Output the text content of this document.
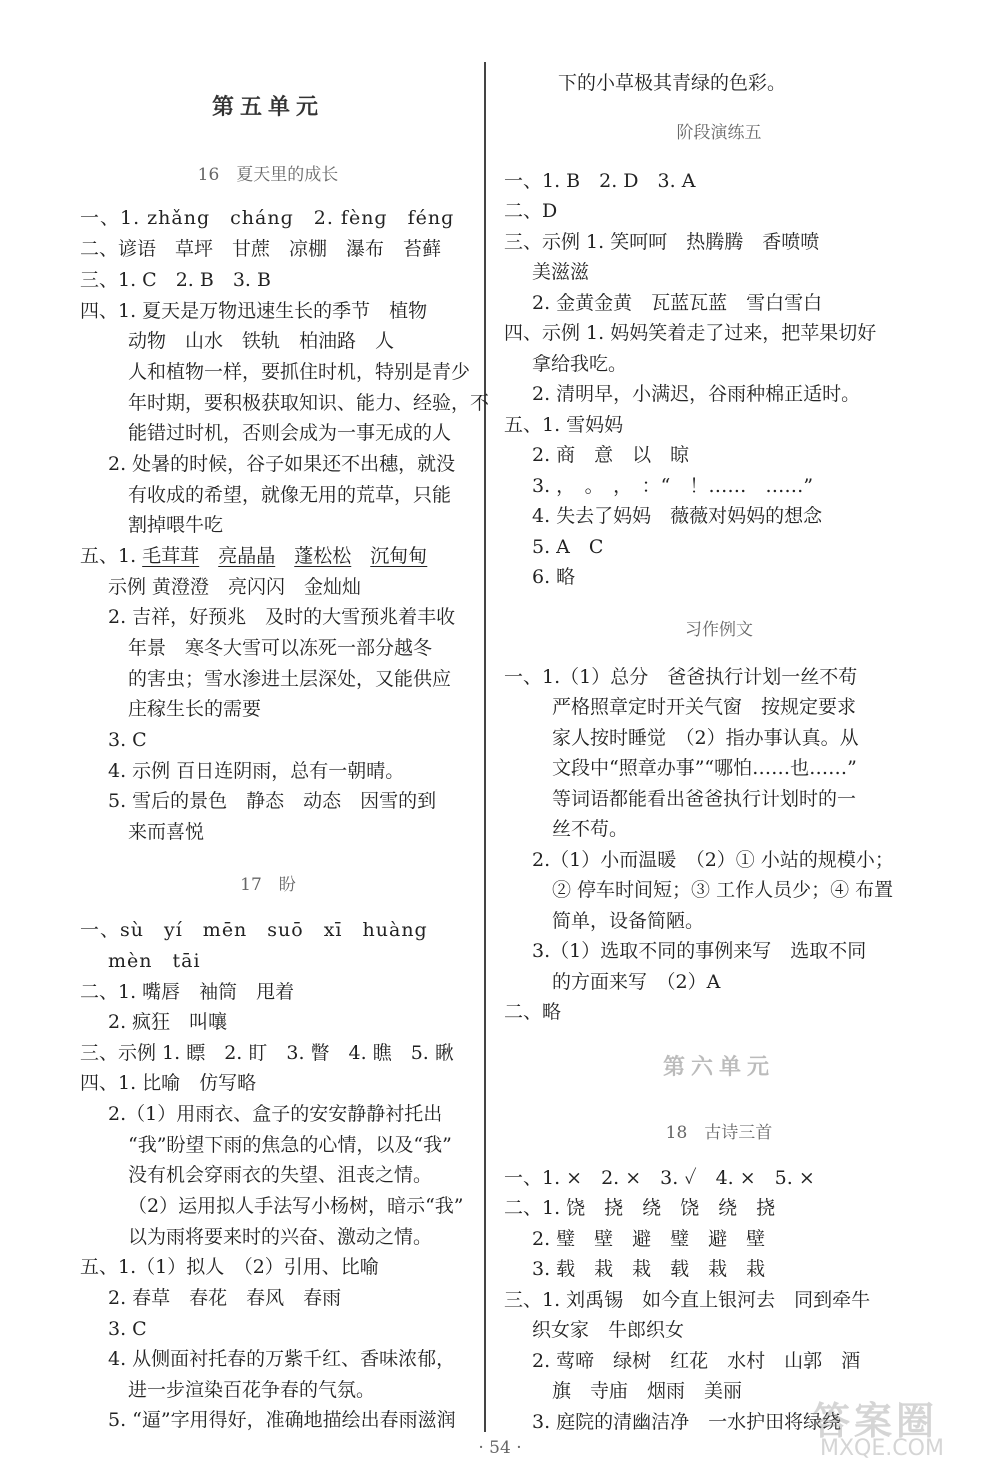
第五单元
16　夏天里的成长
一、1. zhǎng　chánɡ　2. fènɡ　fénɡ
二、谚语　草坪　甘蔗　凉棚　瀑布　苔藓
三、1. C　2. B　3. B
四、1. 夏天是万物迅速生长的季节　植物
动物　山水　铁轨　柏油路　人
人和植物一样，要抓住时机，特别是青少
年时期，要积极获取知识、能力、经验，不
能错过时机，否则会成为一事无成的人
2. 处暑的时候，谷子如果还不出穗，就没
有收成的希望，就像无用的荒草，只能
割掉喂牛吃
五、1. 毛茸茸　 亮晶晶　 蓬松松　 沉甸甸
示例 黄澄澄　亮闪闪　金灿灿
2. 吉祥，好预兆　及时的大雪预兆着丰收
年景　寒冬大雪可以冻死一部分越冬
的害虫；雪水渗进土层深处，又能供应
庄稼生长的需要
3. C
4. 示例 百日连阴雨，总有一朝晴。
5. 雪后的景色　静态　动态　因雪的到
来而喜悦
17　盼
一、sù　yí　mēn　suō　xī　huàng
mèn　tāi
二、1. 嘴唇　袖筒　甩着
2. 疯狂　叫嚷
三、示例 1. 瞟　2. 盯　3. 瞥　4. 瞧　5. 瞅
四、1. 比喻　仿写略
2.（1）用雨衣、盒子的安安静静衬托出
“我”盼望下雨的焦急的心情，以及“我”
没有机会穿雨衣的失望、沮丧之情。
（2）运用拟人手法写小杨树，暗示“我”
以为雨将要来时的兴奋、激动之情。
五、1.（1）拟人　（2）引用、比喻
2. 春草　春花　春风　春雨
3. C
4. 从侧面衬托春的万紫千红、香味浓郁，
进一步渲染百花争春的气氛。
5. “逼”字用得好，准确地描绘出春雨滋润
下的小草极其青绿的色彩。
阶段演练五
一、1. B　2. D　3. A
二、D
三、示例 1. 笑呵呵　热腾腾　香喷喷
美滋滋
2. 金黄金黄　瓦蓝瓦蓝　雪白雪白
四、示例 1. 妈妈笑着走了过来，把苹果切好
拿给我吃。
2. 清明早，小满迟，谷雨种棉正适时。
五、1. 雪妈妈
2. 商　意　以　晾
3. ，　。　，　：“　！……　……”
4. 失去了妈妈　薇薇对妈妈的想念
5. A　C
6. 略
习作例文
一、1.（1）总分　爸爸执行计划一丝不苟
严格照章定时开关气窗　按规定要求
家人按时睡觉　（2）指办事认真。从
文段中“照章办事”“哪怕……也……”
等词语都能看出爸爸执行计划时的一
丝不苟。
2.（1）小而温暖　（2）① 小站的规模小；
② 停车时间短；③ 工作人员少；④ 布置
简单，设备简陋。
3.（1）选取不同的事例来写　选取不同
的方面来写　（2）A
二、略
第六单元
18　古诗三首
一、1. ×　2. ×　3. ✓　4. ×　5. ×
二、1. 饶　挠　绕　饶　绕　挠
2. 璧　壁　避　璧　避　壁
3. 载　栽　栽　载　栽　栽
三、1. 刘禹锡　如今直上银河去　同到牵牛
织女家　牛郎织女
2. 莺啼　绿树　红花　水村　山郭　酒
旗　寺庙　烟雨　美丽
3. 庭院的清幽洁净　一水护田将绿绕
· 54 ·
答案圈
MXQE.COM
